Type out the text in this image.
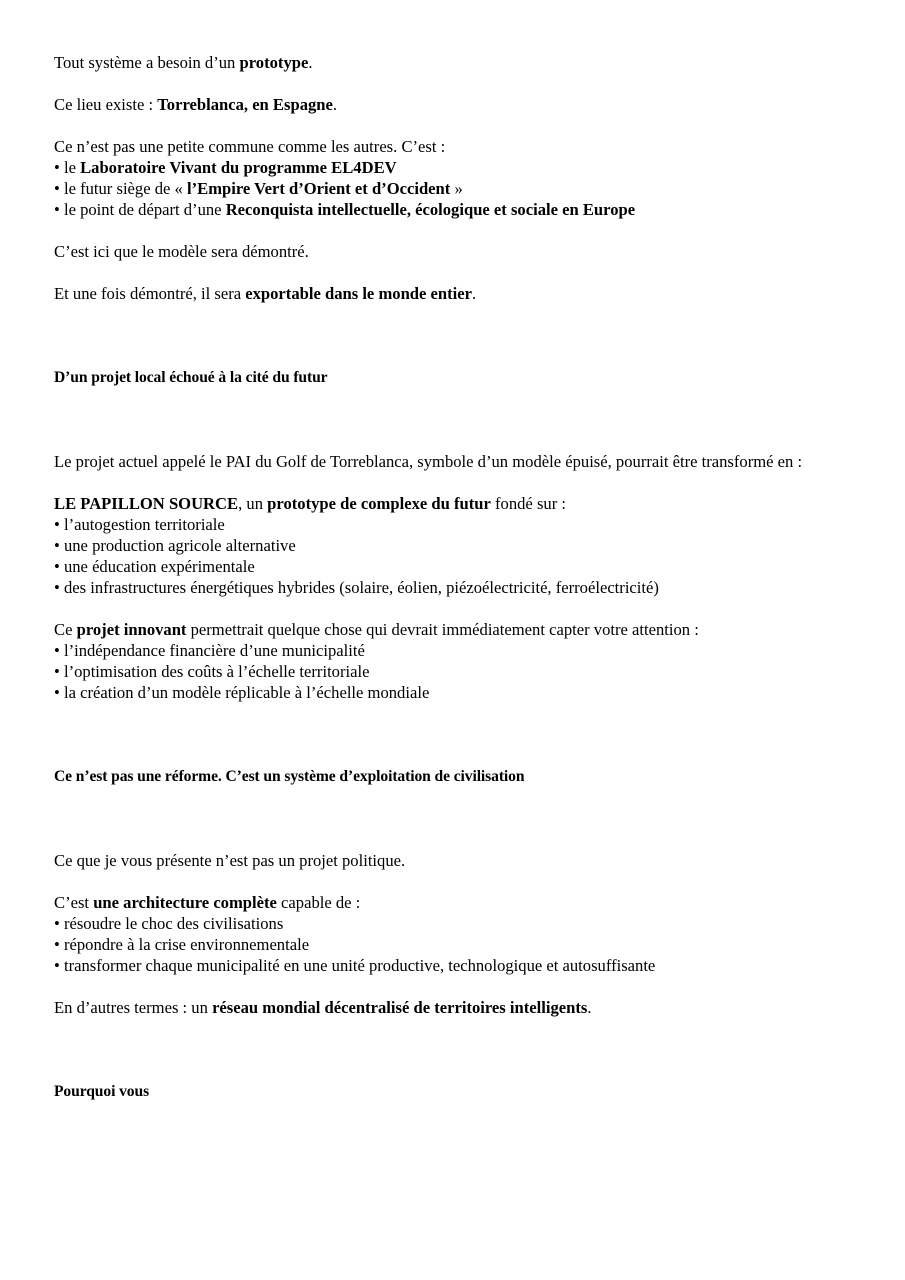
Tout système a besoin d’un prototype.

Ce lieu existe : Torreblanca, en Espagne.

Ce n’est pas une petite commune comme les autres. C’est :

• le Laboratoire Vivant du programme EL4DEV

• le futur siège de « l’Empire Vert d’Orient et d’Occident »

• le point de départ d’une Reconquista intellectuelle, écologique et sociale en Europe

C’est ici que le modèle sera démontré.

Et une fois démontré, il sera exportable dans le monde entier.

D’un projet local échoué à la cité du futur

Le projet actuel appelé le PAI du Golf de Torreblanca, symbole d’un modèle épuisé, pourrait être transformé en :

LE PAPILLON SOURCE, un prototype de complexe du futur fondé sur :

• l’autogestion territoriale

• une production agricole alternative

• une éducation expérimentale

• des infrastructures énergétiques hybrides (solaire, éolien, piézoélectricité, ferroélectricité)

Ce projet innovant permettrait quelque chose qui devrait immédiatement capter votre attention :

• l’indépendance financière d’une municipalité

• l’optimisation des coûts à l’échelle territoriale

• la création d’un modèle réplicable à l’échelle mondiale

Ce n’est pas une réforme. C’est un système d’exploitation de civilisation

Ce que je vous présente n’est pas un projet politique.

C’est une architecture complète capable de :

• résoudre le choc des civilisations

• répondre à la crise environnementale

• transformer chaque municipalité en une unité productive, technologique et autosuffisante

En d’autres termes : un réseau mondial décentralisé de territoires intelligents.

Pourquoi vous
